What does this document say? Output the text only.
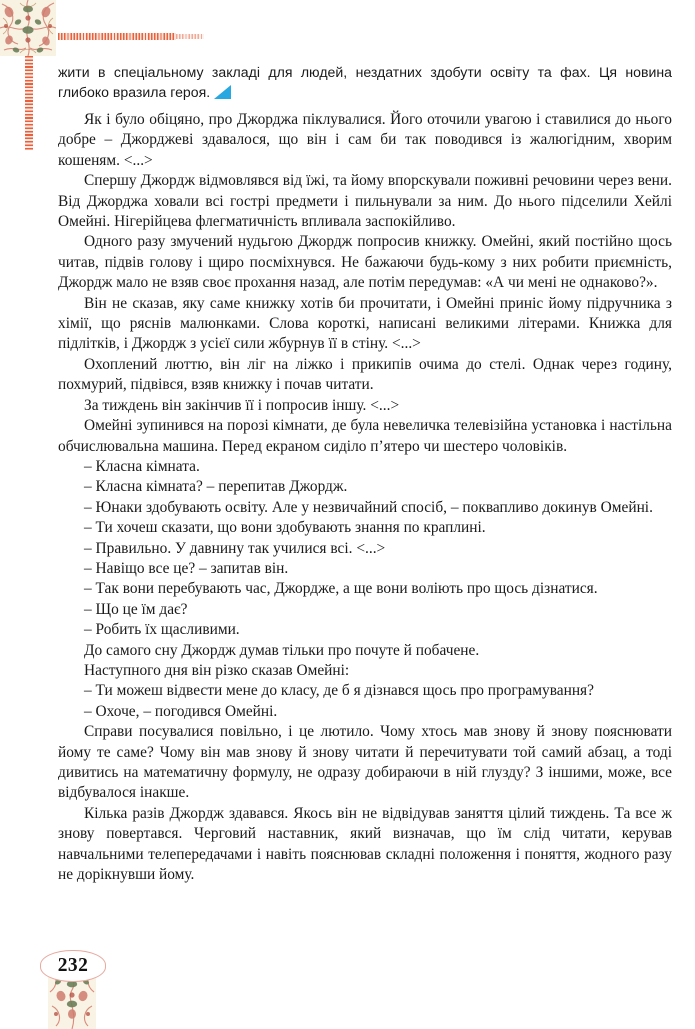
жити в спеціальному закладі для людей, нездатних здобути освіту та фах. Ця новина глибоко вразила героя.

Як і було обіцяно, про Джорджа піклувалися. Його оточили увагою і ставилися до нього добре – Джорджеві здавалося, що він і сам би так поводився із жалюгідним, хворим кошеням. <...>

Спершу Джордж відмовлявся від їжі, та йому впорскували поживні речовини через вени. Від Джорджа ховали всі гострі предмети і пильнували за ним. До нього підселили Хейлі Омейні. Нігерійцева флегматичність впливала заспокійливо.

Одного разу змучений нудьгою Джордж попросив книжку. Омейні, який постійно щось читав, підвів голову і щиро посміхнувся. Не бажаючи будь-кому з них робити приємність, Джордж мало не взяв своє прохання назад, але потім передумав: «А чи мені не однаково?».

Він не сказав, яку саме книжку хотів би прочитати, і Омейні приніс йому підручника з хімії, що ряснів малюнками. Слова короткі, написані великими літерами. Книжка для підлітків, і Джордж з усієї сили жбурнув її в стіну. <...>

Охоплений люттю, він ліг на ліжко і прикипів очима до стелі. Однак через годину, похмурий, підвівся, взяв книжку і почав читати.

За тиждень він закінчив її і попросив іншу. <...>

Омейні зупинився на порозі кімнати, де була невеличка телевізійна установка і настільна обчислювальна машина. Перед екраном сиділо п’ятеро чи шестеро чоловіків.

– Класна кімната.

– Класна кімната? – перепитав Джордж.

– Юнаки здобувають освіту. Але у незвичайний спосіб, – поквапливо докинув Омейні.

– Ти хочеш сказати, що вони здобувають знання по краплині.

– Правильно. У давнину так училися всі. <...>

– Навіщо все це? – запитав він.

– Так вони перебувають час, Джордже, а ще вони воліють про щось дізнатися.

– Що це їм дає?

– Робить їх щасливими.

До самого сну Джордж думав тільки про почуте й побачене.

Наступного дня він різко сказав Омейні:

– Ти можеш відвести мене до класу, де б я дізнався щось про програмування?

– Охоче, – погодився Омейні.

Справи посувалися повільно, і це лютило. Чому хтось мав знову й знову пояснювати йому те саме? Чому він мав знову й знову читати й перечитувати той самий абзац, а тоді дивитись на математичну формулу, не одразу добираючи в ній глузду? З іншими, може, все відбувалося інакше.

Кілька разів Джордж здавався. Якось він не відвідував заняття цілий тиждень. Та все ж знову повертався. Черговий наставник, який визначав, що їм слід читати, керував навчальними телепередачами і навіть пояснював складні положення і поняття, жодного разу не дорікнувши йому.

232
